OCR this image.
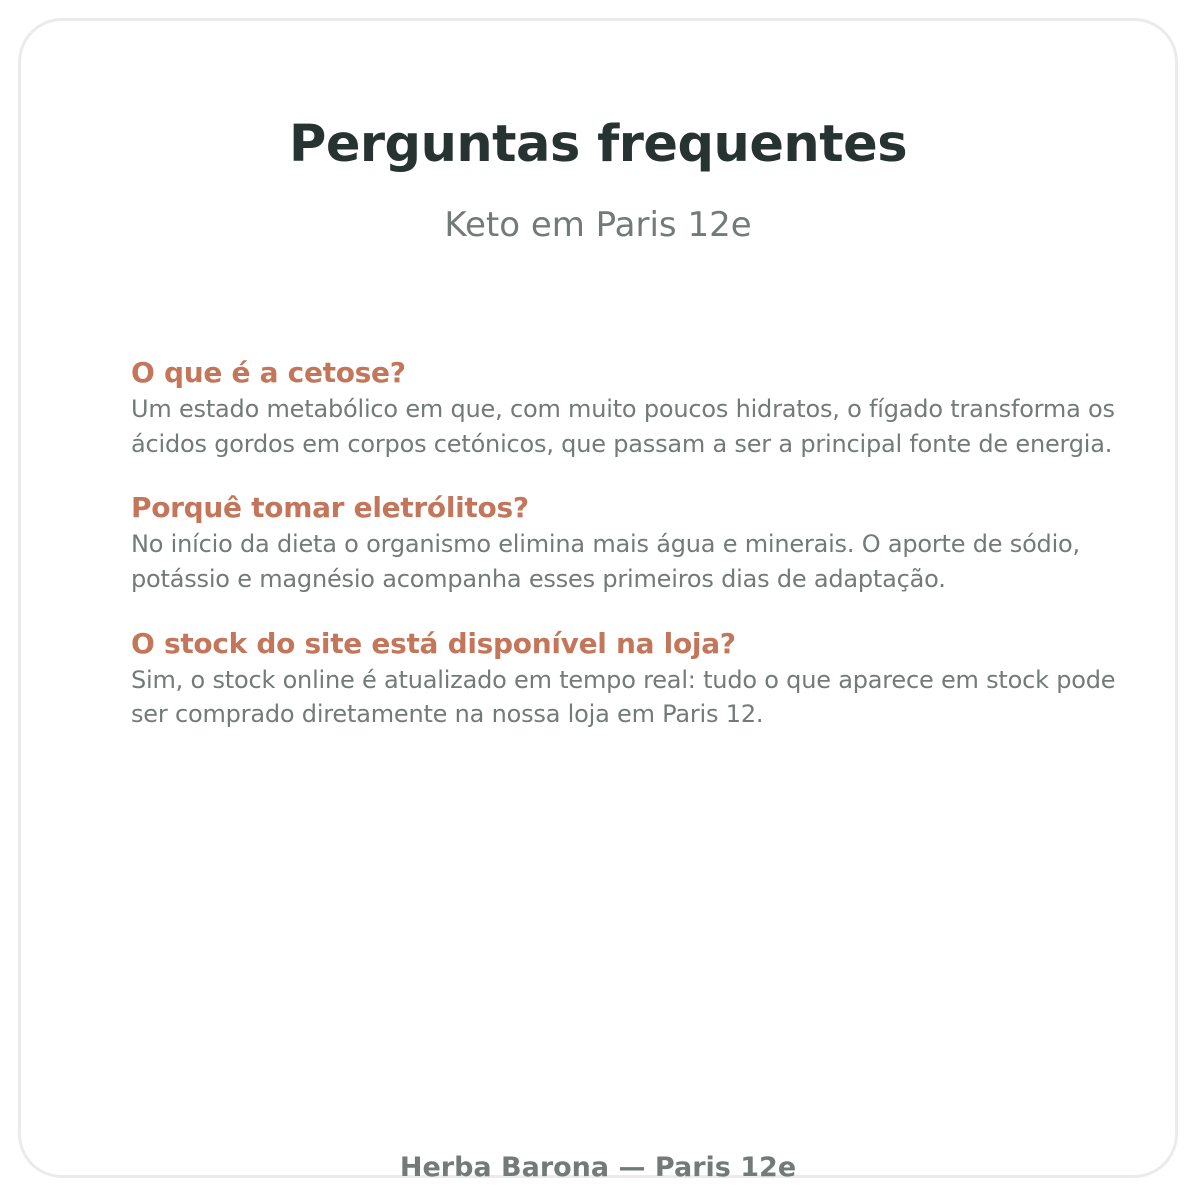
Perguntas frequentes

Keto em Paris 12e

O que é a cetose?

Um estado metabólico em que, com muito poucos hidratos, o fígado transforma os ácidos gordos em corpos cetónicos, que passam a ser a principal fonte de energia.

Porquê tomar eletrólitos?

No início da dieta o organismo elimina mais água e minerais. O aporte de sódio, potássio e magnésio acompanha esses primeiros dias de adaptação.

O stock do site está disponível na loja?

Sim, o stock online é atualizado em tempo real: tudo o que aparece em stock pode ser comprado diretamente na nossa loja em Paris 12.

Herba Barona — Paris 12e
